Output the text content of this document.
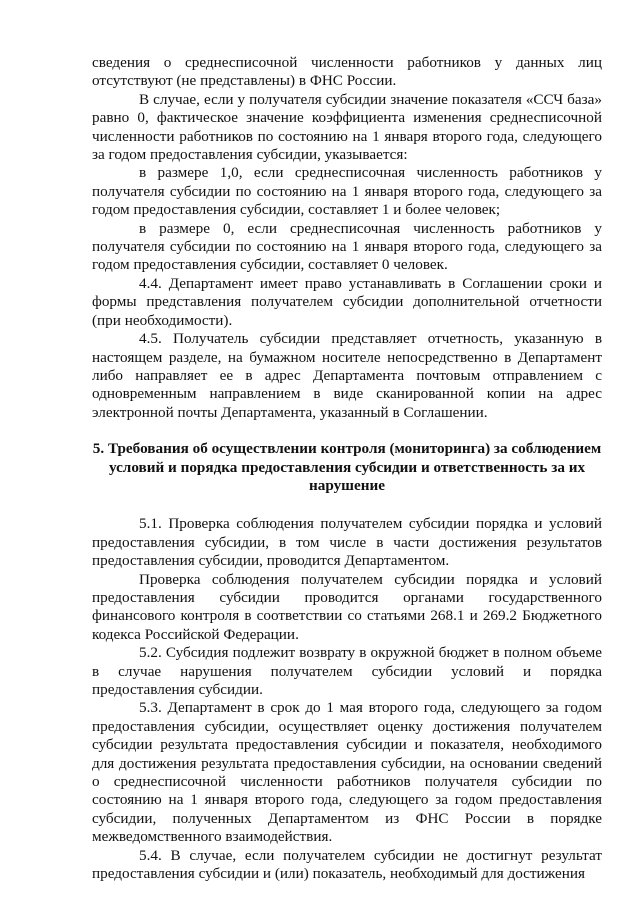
сведения о среднесписочной численности работников у данных лиц отсутствуют (не представлены) в ФНС России.

В случае, если у получателя субсидии значение показателя «ССЧ база» равно 0, фактическое значение коэффициента изменения среднесписочной численности работников по состоянию на 1 января второго года, следующего за годом предоставления субсидии, указывается:

в размере 1,0, если среднесписочная численность работников у получателя субсидии по состоянию на 1 января второго года, следующего за годом предоставления субсидии, составляет 1 и более человек;

в размере 0, если среднесписочная численность работников у получателя субсидии по состоянию на 1 января второго года, следующего за годом предоставления субсидии, составляет 0 человек.

4.4. Департамент имеет право устанавливать в Соглашении сроки и формы представления получателем субсидии дополнительной отчетности (при необходимости).

4.5. Получатель субсидии представляет отчетность, указанную в настоящем разделе, на бумажном носителе непосредственно в Департамент либо направляет ее в адрес Департамента почтовым отправлением с одновременным направлением в виде сканированной копии на адрес электронной почты Департамента, указанный в Соглашении.

5. Требования об осуществлении контроля (мониторинга) за соблюдением условий и порядка предоставления субсидии и ответственность за их нарушение

5.1. Проверка соблюдения получателем субсидии порядка и условий предоставления субсидии, в том числе в части достижения результатов предоставления субсидии, проводится Департаментом.

Проверка соблюдения получателем субсидии порядка и условий предоставления субсидии проводится органами государственного финансового контроля в соответствии со статьями 268.1 и 269.2 Бюджетного кодекса Российской Федерации.

5.2. Субсидия подлежит возврату в окружной бюджет в полном объеме в случае нарушения получателем субсидии условий и порядка предоставления субсидии.

5.3. Департамент в срок до 1 мая второго года, следующего за годом предоставления субсидии, осуществляет оценку достижения получателем субсидии результата предоставления субсидии и показателя, необходимого для достижения результата предоставления субсидии, на основании сведений о среднесписочной численности работников получателя субсидии по состоянию на 1 января второго года, следующего за годом предоставления субсидии, полученных Департаментом из ФНС России в порядке межведомственного взаимодействия.

5.4. В случае, если получателем субсидии не достигнут результат предоставления субсидии и (или) показатель, необходимый для достижения
